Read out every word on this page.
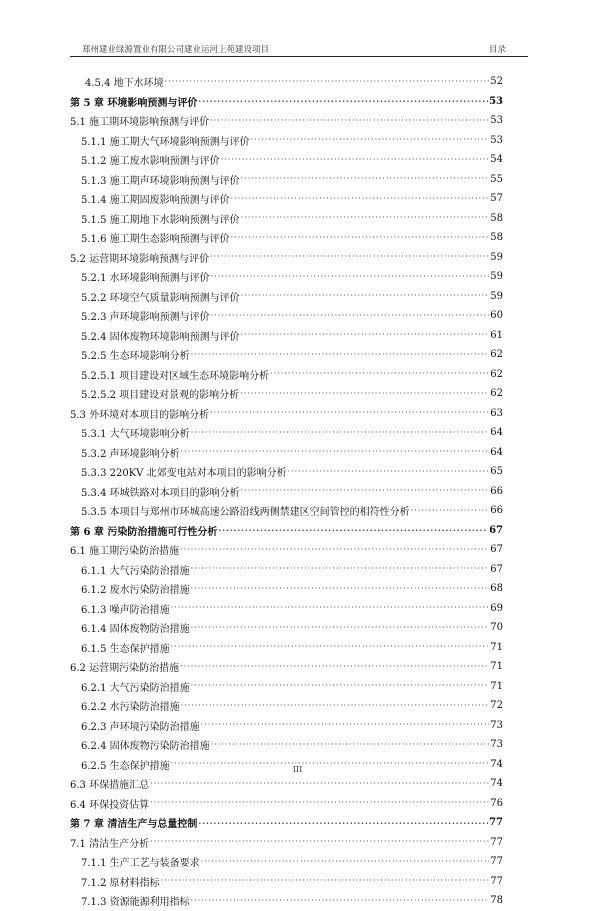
郑州建业绿源置业有限公司建业运河上苑建设项目	目录
4.5.4 地下水环境 ·····	52
第 5 章 环境影响预测与评价 ·····	53
5.1 施工期环境影响预测与评价 ·····	53
5.1.1 施工期大气环境影响预测与评价 ·····	53
5.1.2 施工废水影响预测与评价 ·····	54
5.1.3 施工期声环境影响预测与评价 ·····	55
5.1.4 施工期固废影响预测与评价 ·····	57
5.1.5 施工期地下水影响预测与评价 ·····	58
5.1.6 施工期生态影响预测与评价 ·····	58
5.2 运营期环境影响预测与评价 ·····	59
5.2.1 水环境影响预测与评价 ·····	59
5.2.2 环境空气质量影响预测与评价 ·····	59
5.2.3 声环境影响预测与评价 ·····	60
5.2.4 固体废物环境影响预测与评价 ·····	61
5.2.5 生态环境影响分析 ·····	62
5.2.5.1 项目建设对区域生态环境影响分析 ·····	62
5.2.5.2 项目建设对景观的影响分析 ·····	62
5.3 外环境对本项目的影响分析 ·····	63
5.3.1 大气环境影响分析 ·····	64
5.3.2 声环境影响分析 ·····	64
5.3.3 220KV 北郊变电站对本项目的影响分析 ·····	65
5.3.4 环城铁路对本项目的影响分析 ·····	66
5.3.5 本项目与郑州市环城高速公路沿线两侧禁建区空间管控的相符性分析 ·····	66
第 6 章 污染防治措施可行性分析 ·····	67
6.1 施工期污染防治措施 ·····	67
6.1.1 大气污染防治措施 ·····	67
6.1.2 废水污染防治措施 ·····	68
6.1.3 噪声防治措施 ·····	69
6.1.4 固体废物防治措施 ·····	70
6.1.5 生态保护措施 ·····	71
6.2 运营期污染防治措施 ·····	71
6.2.1 大气污染防治措施 ·····	71
6.2.2 水污染防治措施 ·····	72
6.2.3 声环境污染防治措施 ·····	73
6.2.4 固体废物污染防治措施 ·····	73
6.2.5 生态保护措施 ·····	74
6.3 环保措施汇总 ·····	74
6.4 环保投资估算 ·····	76
第 7 章 清洁生产与总量控制 ·····	77
7.1 清洁生产分析 ·····	77
7.1.1 生产工艺与装备要求 ·····	77
7.1.2 原材料指标 ·····	77
7.1.3 资源能源利用指标 ·····	78
III
